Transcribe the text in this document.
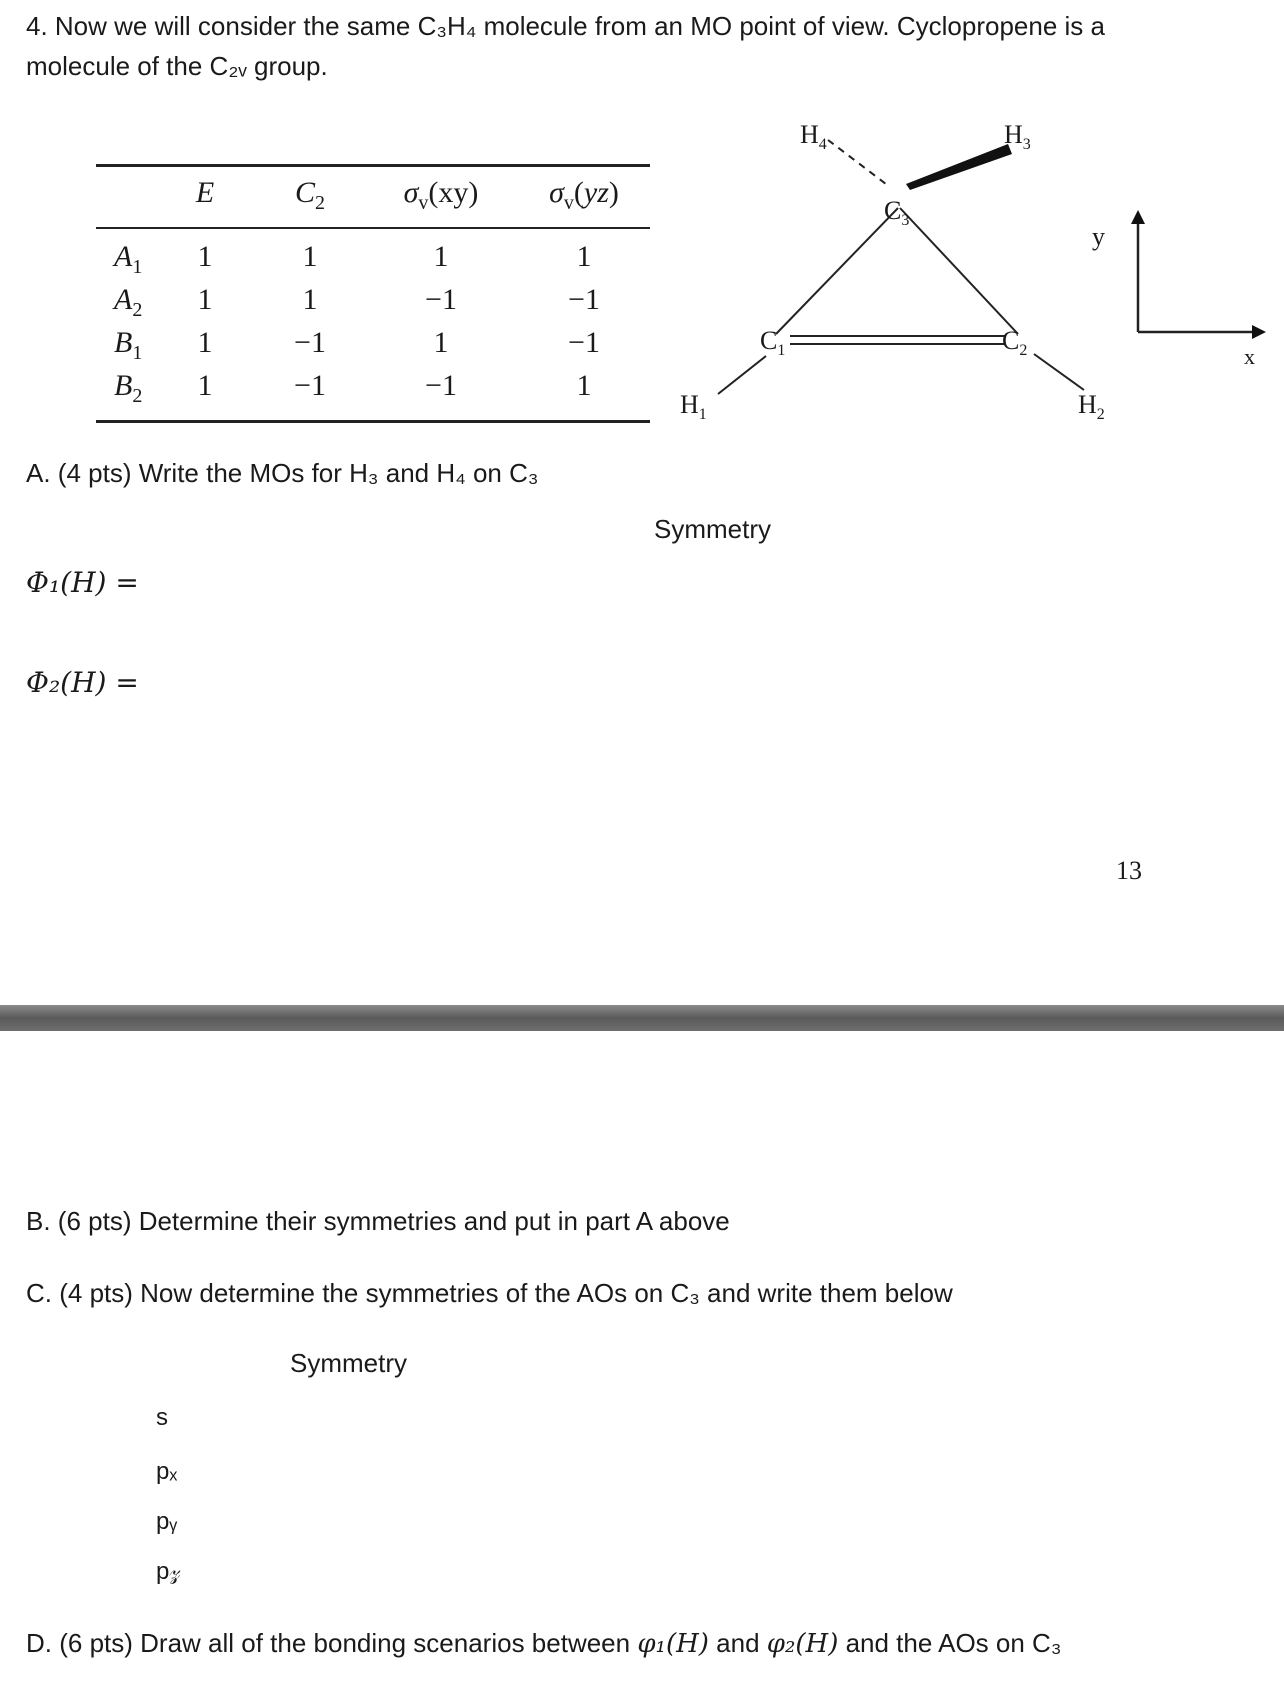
4. Now we will consider the same C₃H₄ molecule from an MO point of view. Cyclopropene is a
molecule of the C₂ᵥ group.
E	$C_2$	$\sigma_v(xy)$	$\sigma_v(yz)$
$A_1$ 1	1	1	1
$A_2$ 1	1	−1	−1
$B_1$ 1	−1	1	−1
$B_2$ 1	−1	−1	1
$H_4$	$H_3$
$C_3$
$C_1$	$C_2$
$H_1$	$H_2$
y
x
A. (4 pts) Write the MOs for H₃ and H₄ on C₃
Symmetry
Φ₁(H) =
Φ₂(H) =
13
B. (6 pts) Determine their symmetries and put in part A above
C. (4 pts) Now determine the symmetries of the AOs on C₃ and write them below
Symmetry
s
pₓ
pᵧ
p𝓏
D. (6 pts) Draw all of the bonding scenarios between φ₁(H) and φ₂(H) and the AOs on C₃
